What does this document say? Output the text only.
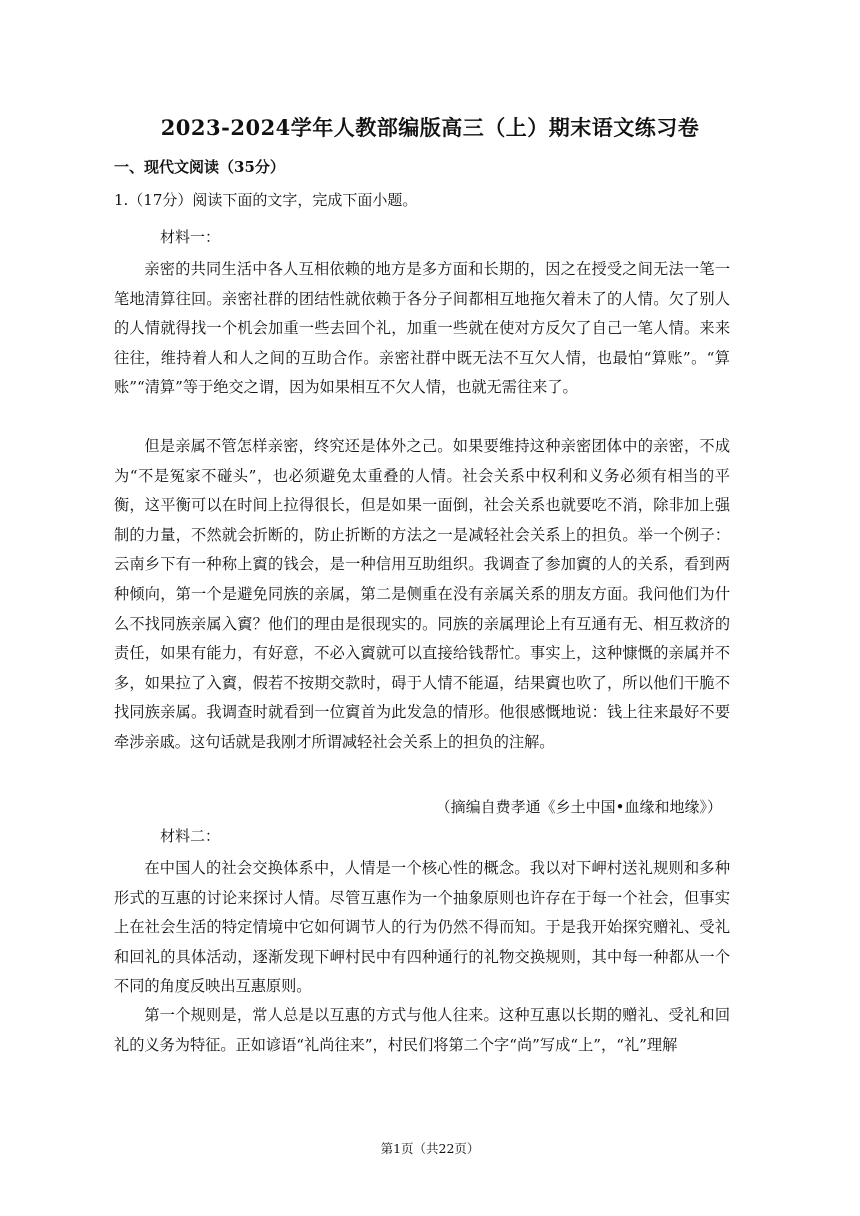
2023-2024学年人教部编版高三（上）期末语文练习卷
一、现代文阅读（35分）
1.（17分）阅读下面的文字，完成下面小题。
材料一：

亲密的共同生活中各人互相依赖的地方是多方面和长期的，因之在授受之间无法一笔一笔地清算往回。亲密社群的团结性就依赖于各分子间都相互地拖欠着未了的人情。欠了别人的人情就得找一个机会加重一些去回个礼，加重一些就在使对方反欠了自己一笔人情。来来往往，维持着人和人之间的互助合作。亲密社群中既无法不互欠人情，也最怕“算账”。“算账”“清算”等于绝交之谓，因为如果相互不欠人情，也就无需往来了。

但是亲属不管怎样亲密，终究还是体外之己。如果要维持这种亲密团体中的亲密，不成为“不是冤家不碰头”，也必须避免太重叠的人情。社会关系中权利和义务必须有相当的平衡，这平衡可以在时间上拉得很长，但是如果一面倒，社会关系也就要吃不消，除非加上强制的力量，不然就会折断的，防止折断的方法之一是减轻社会关系上的担负。举一个例子：云南乡下有一种称上賨的钱会，是一种信用互助组织。我调查了参加賨的人的关系，看到两种倾向，第一个是避免同族的亲属，第二是侧重在没有亲属关系的朋友方面。我问他们为什么不找同族亲属入賨？他们的理由是很现实的。同族的亲属理论上有互通有无、相互救济的责任，如果有能力，有好意，不必入賨就可以直接给钱帮忙。事实上，这种慷慨的亲属并不多，如果拉了入賨，假若不按期交款时，碍于人情不能逼，结果賨也吹了，所以他们干脆不找同族亲属。我调查时就看到一位賨首为此发急的情形。他很感慨地说：钱上往来最好不要牵涉亲戚。这句话就是我刚才所谓减轻社会关系上的担负的注解。

（摘编自费孝通《乡土中国•血缘和地缘》）
材料二：

在中国人的社会交换体系中，人情是一个核心性的概念。我以对下岬村送礼规则和多种形式的互惠的讨论来探讨人情。尽管互惠作为一个抽象原则也许存在于每一个社会，但事实上在社会生活的特定情境中它如何调节人的行为仍然不得而知。于是我开始探究赠礼、受礼和回礼的具体活动，逐渐发现下岬村民中有四种通行的礼物交换规则，其中每一种都从一个不同的角度反映出互惠原则。

第一个规则是，常人总是以互惠的方式与他人往来。这种互惠以长期的赠礼、受礼和回礼的义务为特征。正如谚语“礼尚往来”，村民们将第二个字“尚”写成“上”，“礼”理解

第1页（共22页）
